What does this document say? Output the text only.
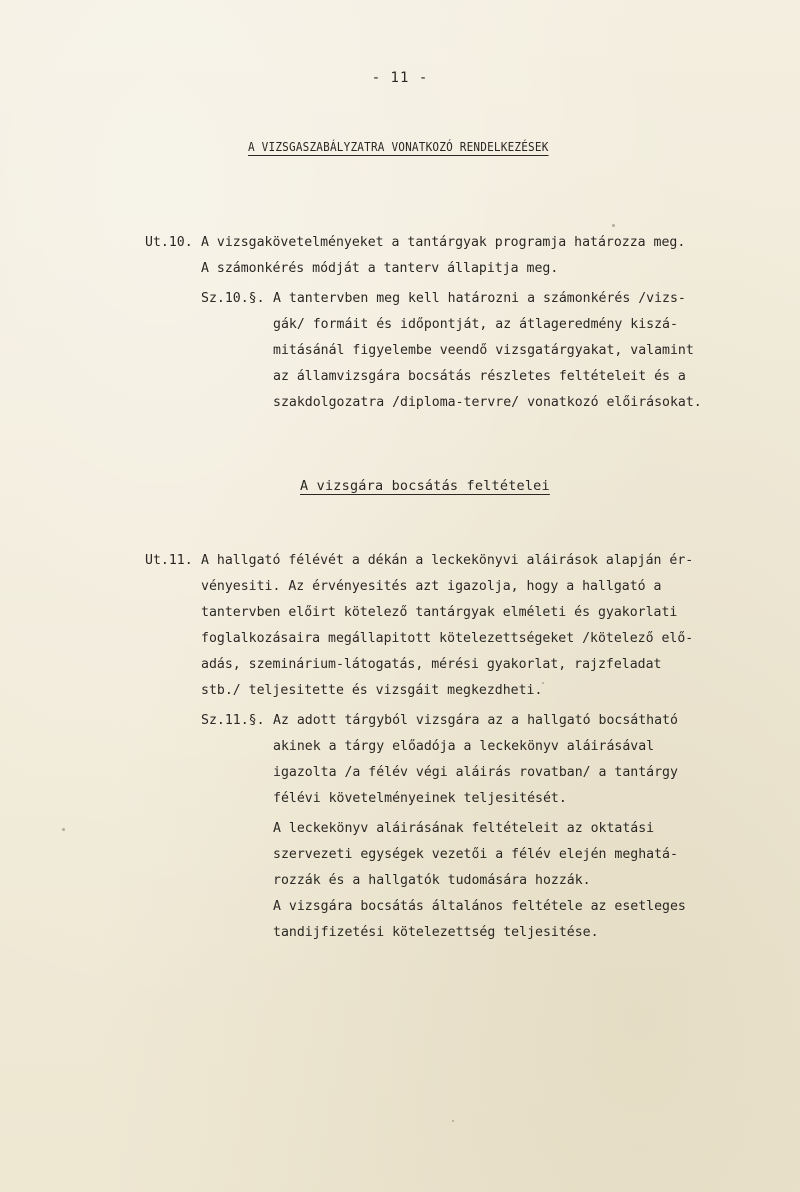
- 11 -
A VIZSGASZABÁLYZATRA VONATKOZÓ RENDELKEZÉSEK
Ut.10. A vizsgakövetelményeket a tantárgyak programja határozza meg.
A számonkérés módját a tanterv állapitja meg.
Sz.10.§. A tantervben meg kell határozni a számonkérés /vizs-
gák/ formáit és időpontját, az átlageredmény kiszá-
mitásánál figyelembe veendő vizsgatárgyakat, valamint
az államvizsgára bocsátás részletes feltételeit és a
szakdolgozatra /diploma-tervre/ vonatkozó előirásokat.
A vizsgára bocsátás feltételei
Ut.11. A hallgató félévét a dékán a leckekönyvi aláirások alapján ér-
vényesiti. Az érvényesités azt igazolja, hogy a hallgató a
tantervben előirt kötelező tantárgyak elméleti és gyakorlati
foglalkozásaira megállapitott kötelezettségeket /kötelező elő-
adás, szeminárium-látogatás, mérési gyakorlat, rajzfeladat
stb./ teljesitette és vizsgáit megkezdheti.
Sz.11.§. Az adott tárgyból vizsgára az a hallgató bocsátható
akinek a tárgy előadója a leckekönyv aláirásával
igazolta /a félév végi aláirás rovatban/ a tantárgy
félévi követelményeinek teljesitését.
A leckekönyv aláirásának feltételeit az oktatási
szervezeti egységek vezetői a félév elején meghatá-
rozzák és a hallgatók tudomására hozzák.
A vizsgára bocsátás általános feltétele az esetleges
tandijfizetési kötelezettség teljesitése.
